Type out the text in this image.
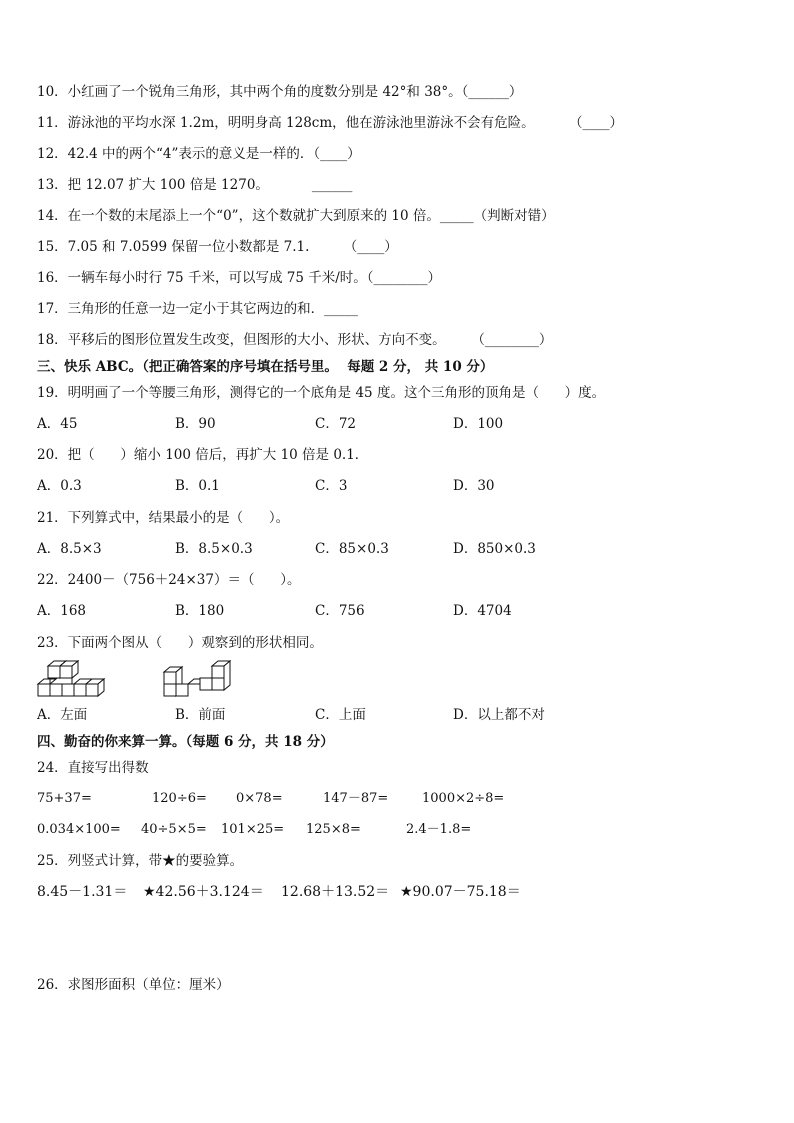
10．小红画了一个锐角三角形，其中两个角的度数分别是 42°和 38°。（______）
11．游泳池的平均水深 1.2m，明明身高 128cm，他在游泳池里游泳不会有危险。        （____）
12．42.4 中的两个“4”表示的意义是一样的．（____）
13．把 12.07 扩大 100 倍是 1270。          ______
14．在一个数的末尾添上一个“0”，这个数就扩大到原来的 10 倍。_____（判断对错）
15．7.05 和 7.0599 保留一位小数都是 7.1.        （____）
16．一辆车每小时行 75 千米，可以写成 75 千米/时。（________）
17．三角形的任意一边一定小于其它两边的和．_____
18．平移后的图形位置发生改变，但图形的大小、形状、方向不变。      （________）
三、快乐 ABC。（把正确答案的序号填在括号里。  每题 2 分， 共 10 分）
19．明明画了一个等腰三角形，测得它的一个底角是 45 度。这个三角形的顶角是（      ）度。
A．45	B．90	C．72	D．100
20．把（      ）缩小 100 倍后，再扩大 10 倍是 0.1．
A．0.3	B．0.1	C．3	D．30
21．下列算式中，结果最小的是（      ）。
A．8.5×3	B．8.5×0.3	C．85×0.3	D．850×0.3
22．2400－（756＋24×37）＝（      ）。
A．168	B．180	C．756	D．4704
23．下面两个图从（      ）观察到的形状相同。
A．左面	B．前面	C．上面	D．以上都不对
四、勤奋的你来算一算。（每题 6 分，共 18 分）
24．直接写出得数
75+37=	120÷6= 0×78=	147－87=	1000×2÷8=
0.034×100= 40÷5×5= 101×25= 125×8=	2.4－1.8=
25．列竖式计算，带★的要验算。
8.45－1.31＝ ★42.56＋3.124＝ 12.68＋13.52＝ ★90.07－75.18＝
26．求图形面积（单位：厘米）
